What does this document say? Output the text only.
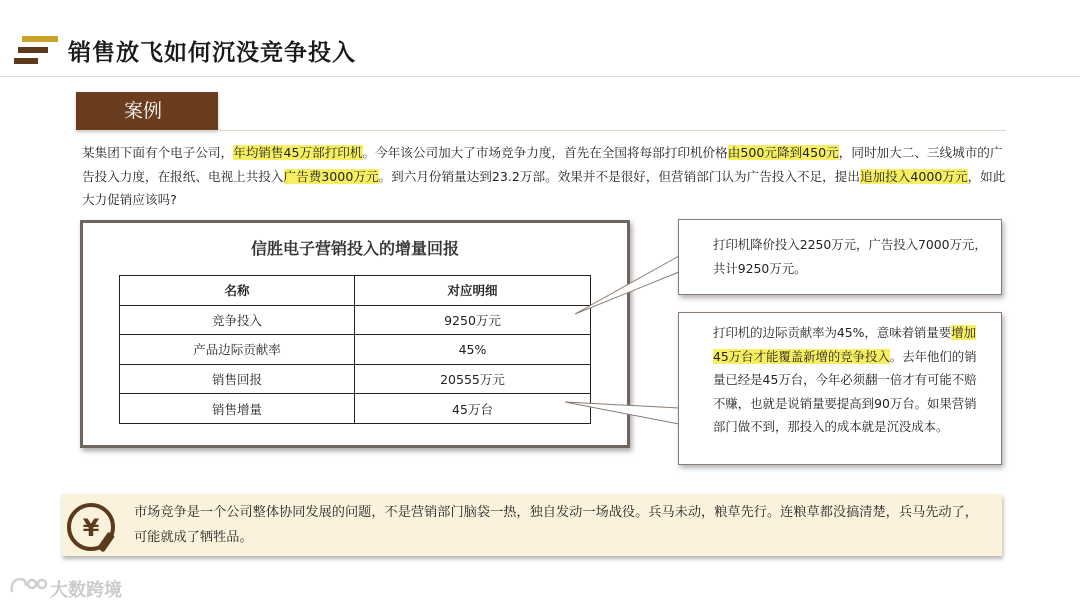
销售放飞如何沉没竞争投入
案例

某集团下面有个电子公司，年均销售45万部打印机。今年该公司加大了市场竞争力度，首先在全国将每部打印机价格由500元降到450元，同时加大二、三线城市的广告投入力度，在报纸、电视上共投入广告费3000万元。到六月份销量达到23.2万部。效果并不是很好，但营销部门认为广告投入不足，提出追加投入4000万元，如此大力促销应该吗?

信胜电子营销投入的增量回报
名称	对应明细
竞争投入	9250万元
产品边际贡献率	45%
销售回报	20555万元
销售增量	45万台
打印机降价投入2250万元，广告投入7000万元，共计9250万元。
打印机的边际贡献率为45%，意味着销量要增加45万台才能覆盖新增的竞争投入。去年他们的销量已经是45万台，今年必须翻一倍才有可能不赔不赚，也就是说销量要提高到90万台。如果营销部门做不到，那投入的成本就是沉没成本。
¥

市场竞争是一个公司整体协同发展的问题，不是营销部门脑袋一热，独自发动一场战役。兵马未动，粮草先行。连粮草都没搞清楚，兵马先动了，可能就成了牺牲品。

大数跨境
